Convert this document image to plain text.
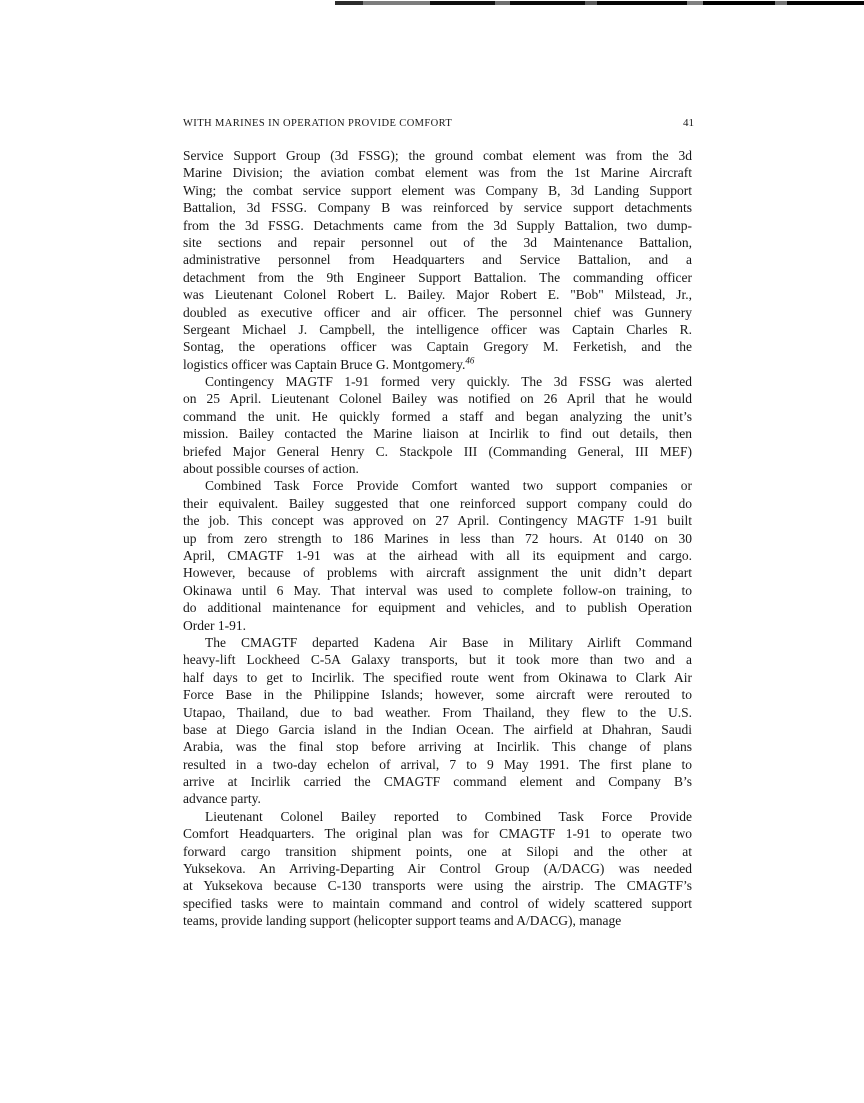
WITH MARINES IN OPERATION PROVIDE COMFORT	41
Service Support Group (3d FSSG); the ground combat element was from the 3d
Marine Division; the aviation combat element was from the 1st Marine Aircraft
Wing; the combat service support element was Company B, 3d Landing Support
Battalion, 3d FSSG. Company B was reinforced by service support detachments
from the 3d FSSG. Detachments came from the 3d Supply Battalion, two dump-
site sections and repair personnel out of the 3d Maintenance Battalion,
administrative personnel from Headquarters and Service Battalion, and a
detachment from the 9th Engineer Support Battalion. The commanding officer
was Lieutenant Colonel Robert L. Bailey. Major Robert E. "Bob" Milstead, Jr.,
doubled as executive officer and air officer. The personnel chief was Gunnery
Sergeant Michael J. Campbell, the intelligence officer was Captain Charles R.
Sontag, the operations officer was Captain Gregory M. Ferketish, and the
logistics officer was Captain Bruce G. Montgomery.$^{46}$
Contingency MAGTF 1-91 formed very quickly. The 3d FSSG was alerted
on 25 April. Lieutenant Colonel Bailey was notified on 26 April that he would
command the unit. He quickly formed a staff and began analyzing the unit’s
mission. Bailey contacted the Marine liaison at Incirlik to find out details, then
briefed Major General Henry C. Stackpole III (Commanding General, III MEF)
about possible courses of action.
Combined Task Force Provide Comfort wanted two support companies or
their equivalent. Bailey suggested that one reinforced support company could do
the job. This concept was approved on 27 April. Contingency MAGTF 1-91 built
up from zero strength to 186 Marines in less than 72 hours. At 0140 on 30
April, CMAGTF 1-91 was at the airhead with all its equipment and cargo.
However, because of problems with aircraft assignment the unit didn’t depart
Okinawa until 6 May. That interval was used to complete follow-on training, to
do additional maintenance for equipment and vehicles, and to publish Operation
Order 1-91.
The CMAGTF departed Kadena Air Base in Military Airlift Command
heavy-lift Lockheed C-5A Galaxy transports, but it took more than two and a
half days to get to Incirlik. The specified route went from Okinawa to Clark Air
Force Base in the Philippine Islands; however, some aircraft were rerouted to
Utapao, Thailand, due to bad weather. From Thailand, they flew to the U.S.
base at Diego Garcia island in the Indian Ocean. The airfield at Dhahran, Saudi
Arabia, was the final stop before arriving at Incirlik. This change of plans
resulted in a two-day echelon of arrival, 7 to 9 May 1991. The first plane to
arrive at Incirlik carried the CMAGTF command element and Company B’s
advance party.
Lieutenant Colonel Bailey reported to Combined Task Force Provide
Comfort Headquarters. The original plan was for CMAGTF 1-91 to operate two
forward cargo transition shipment points, one at Silopi and the other at
Yuksekova. An Arriving-Departing Air Control Group (A/DACG) was needed
at Yuksekova because C-130 transports were using the airstrip. The CMAGTF’s
specified tasks were to maintain command and control of widely scattered support
teams, provide landing support (helicopter support teams and A/DACG), manage
